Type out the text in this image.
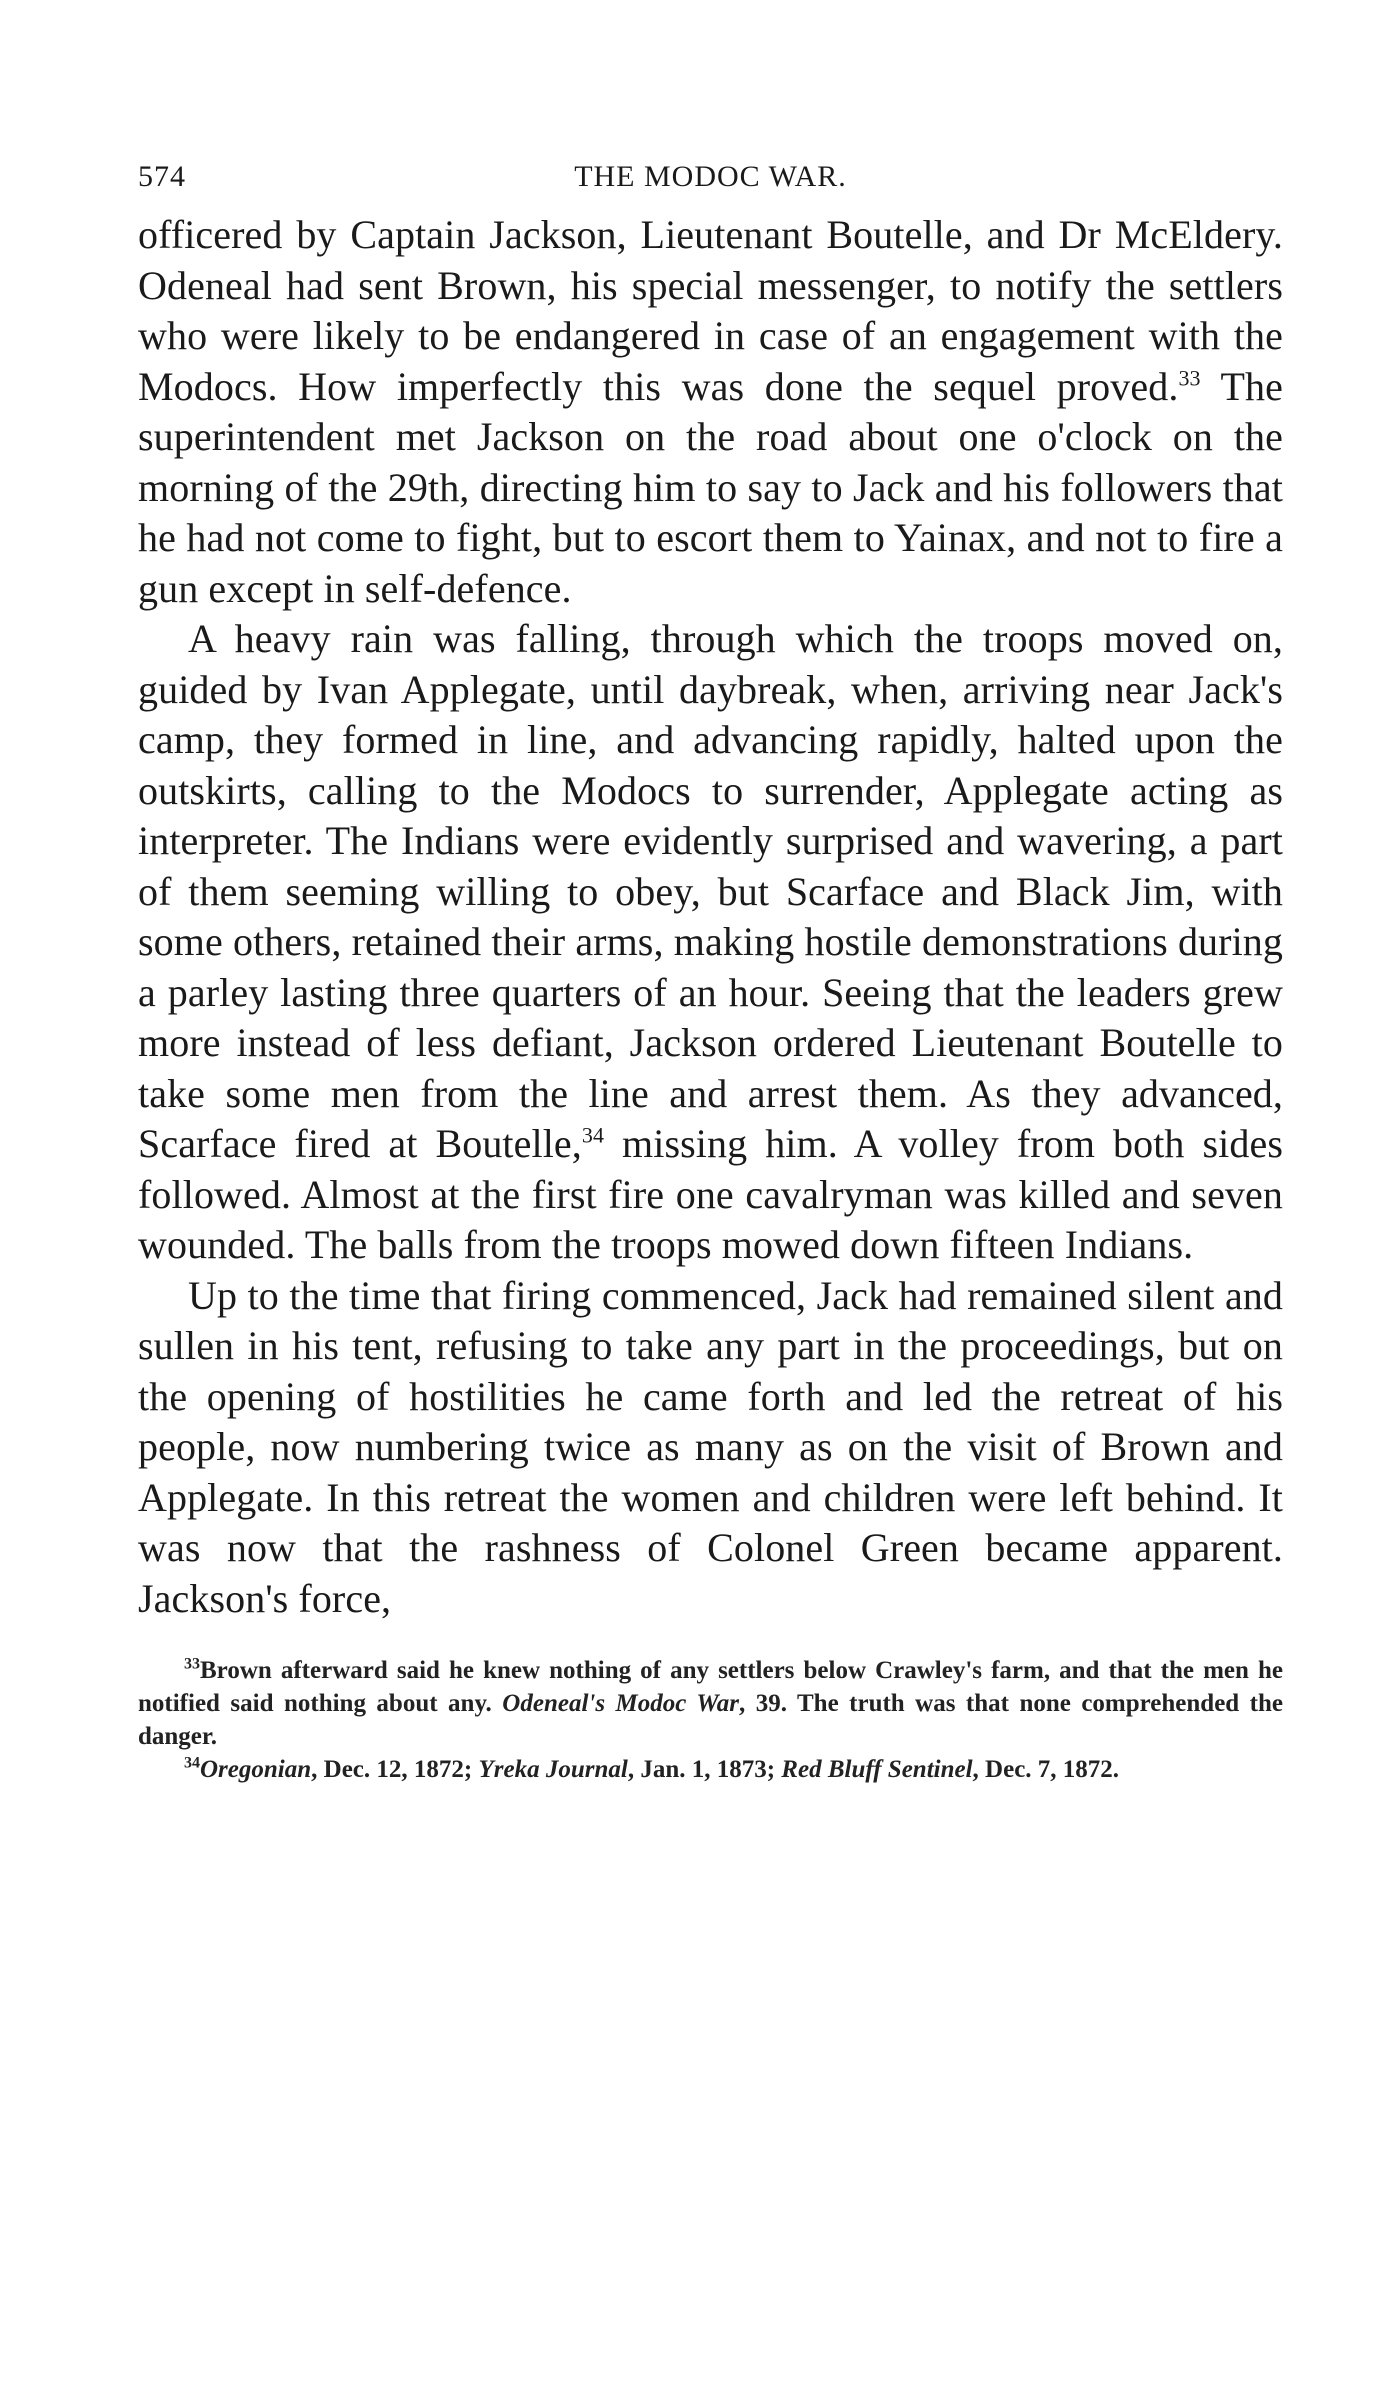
574	THE MODOC WAR.

officered by Captain Jackson, Lieutenant Boutelle, and Dr McEldery. Odeneal had sent Brown, his special messenger, to notify the settlers who were likely to be endangered in case of an engagement with the Modocs. How imperfectly this was done the sequel proved.$^{33}$ The superintendent met Jackson on the road about one o'clock on the morning of the 29th, directing him to say to Jack and his followers that he had not come to fight, but to escort them to Yainax, and not to fire a gun except in self-defence.

A heavy rain was falling, through which the troops moved on, guided by Ivan Applegate, until daybreak, when, arriving near Jack's camp, they formed in line, and advancing rapidly, halted upon the outskirts, calling to the Modocs to surrender, Applegate acting as interpreter. The Indians were evidently surprised and wavering, a part of them seeming willing to obey, but Scarface and Black Jim, with some others, retained their arms, making hostile demonstrations during a parley lasting three quarters of an hour. Seeing that the leaders grew more instead of less defiant, Jackson ordered Lieutenant Boutelle to take some men from the line and arrest them. As they advanced, Scarface fired at Boutelle,$^{34}$ missing him. A volley from both sides followed. Almost at the first fire one cavalryman was killed and seven wounded. The balls from the troops mowed down fifteen Indians.

Up to the time that firing commenced, Jack had remained silent and sullen in his tent, refusing to take any part in the proceedings, but on the opening of hostilities he came forth and led the retreat of his people, now numbering twice as many as on the visit of Brown and Applegate. In this retreat the women and children were left behind. It was now that the rashness of Colonel Green became apparent. Jackson's force,

$^{33}$Brown afterward said he knew nothing of any settlers below Crawley's farm, and that the men he notified said nothing about any. Odeneal's Modoc War, 39. The truth was that none comprehended the danger.

$^{34}$Oregonian, Dec. 12, 1872; Yreka Journal, Jan. 1, 1873; Red Bluff Sentinel, Dec. 7, 1872.
